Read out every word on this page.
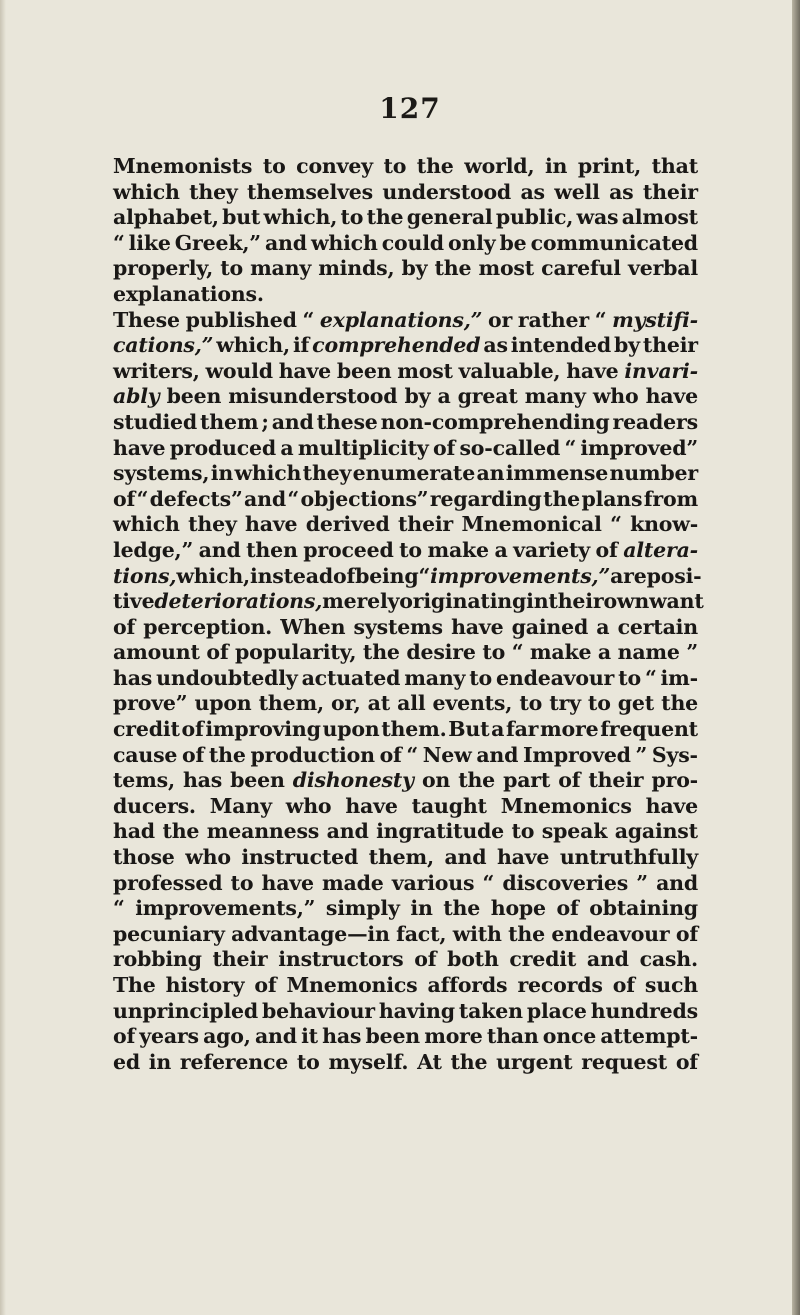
127
Mnemonists to convey to the world, in print, that
which they themselves understood as well as their
alphabet, but which, to the general public, was almost
“ like Greek,” and which could only be communicated
properly, to many minds, by the most careful verbal
explanations.
These published “ explanations,” or rather “ mystifi-
cations,” which, if comprehended as intended by their
writers, would have been most valuable, have invari-
ably been misunderstood by a great many who have
studied them ; and these non-comprehending readers
have produced a multiplicity of so-called “ improved”
systems, in which they enumerate an immense number
of “ defects” and “ objections” regarding the plans from
which they have derived their Mnemonical “ know-
ledge,” and then proceed to make a variety of altera-
tions, which, instead of being “ improvements,” are posi-
tive deteriorations, merely originating in their own want
of perception. When systems have gained a certain
amount of popularity, the desire to “ make a name ”
has undoubtedly actuated many to endeavour to “ im-
prove” upon them, or, at all events, to try to get the
credit of improving upon them. But a far more frequent
cause of the production of “ New and Improved ” Sys-
tems, has been dishonesty on the part of their pro-
ducers. Many who have taught Mnemonics have
had the meanness and ingratitude to speak against
those who instructed them, and have untruthfully
professed to have made various “ discoveries ” and
“ improvements,” simply in the hope of obtaining
pecuniary advantage—in fact, with the endeavour of
robbing their instructors of both credit and cash.
The history of Mnemonics affords records of such
unprincipled behaviour having taken place hundreds
of years ago, and it has been more than once attempt-
ed in reference to myself. At the urgent request of
